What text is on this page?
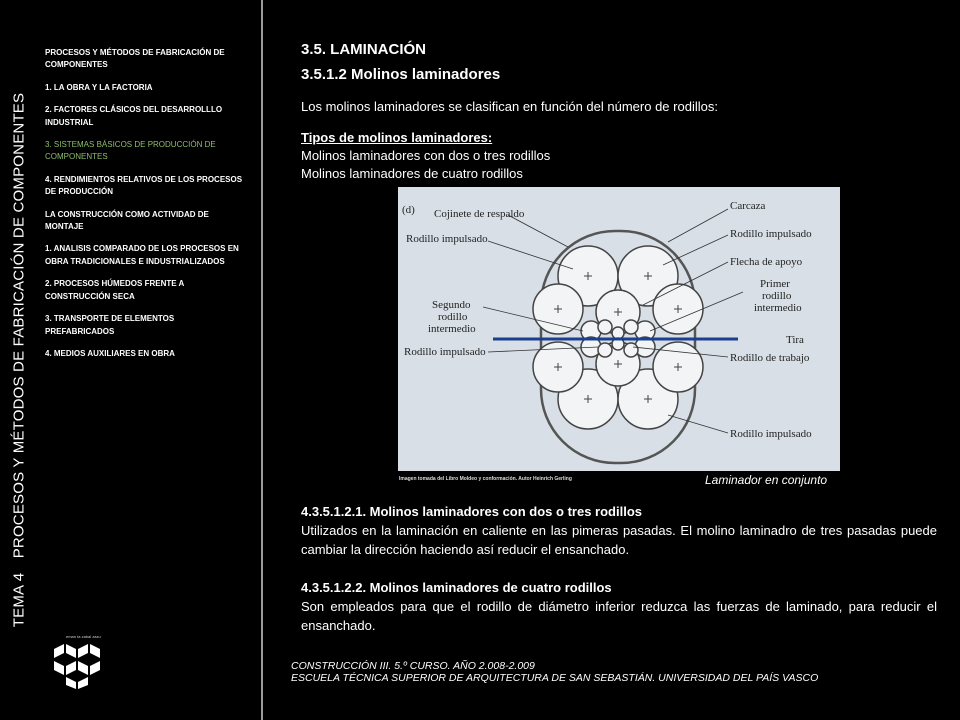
TEMA 4 PROCESOS Y MÉTODOS DE FABRICACIÓN DE COMPONENTES
PROCESOS Y MÉTODOS DE FABRICACIÓN DE COMPONENTES
1. LA OBRA Y LA FACTORIA
2. FACTORES CLÁSICOS DEL DESARROLLLO INDUSTRIAL
3. SISTEMAS BÁSICOS DE PRODUCCIÓN DE COMPONENTES
4. RENDIMIENTOS RELATIVOS DE LOS PROCESOS DE PRODUCCIÓN
LA CONSTRUCCIÓN COMO ACTIVIDAD DE MONTAJE
1. ANALISIS COMPARADO DE LOS PROCESOS EN OBRA TRADICIONALES E INDUSTRIALIZADOS
2. PROCESOS HÚMEDOS FRENTE A CONSTRUCCIÓN SECA
3. TRANSPORTE DE ELEMENTOS PREFABRICADOS
4. MEDIOS AUXILIARES EN OBRA
eman ta zabal zazu
3.5. LAMINACIÓN
3.5.1.2 Molinos laminadores
Los molinos laminadores se clasifican en función del número de rodillos:
Tipos de molinos laminadores:
Molinos laminadores con dos o tres rodillos
Molinos laminadores de cuatro rodillos
(d) Cojinete de respaldo
Rodillo impulsado
Segundo
rodillo
intermedio
Rodillo impulsado
Carcaza
Rodillo impulsado
Flecha de apoyo
Primer
rodillo
intermedio
Tira
Rodillo de trabajo
Rodillo impulsado
Imagen tomada del Libro Moldeo y conformación. Autor Heinrich Gerling	Laminador en conjunto
4.3.5.1.2.1. Molinos laminadores con dos o tres rodillos
Utilizados en la laminación en caliente en las pimeras pasadas. El molino laminadro de tres pasadas puede cambiar la dirección haciendo así reducir el ensanchado.
4.3.5.1.2.2. Molinos laminadores de cuatro rodillos
Son empleados para que el rodillo de diámetro inferior reduzca las fuerzas de laminado, para reducir el ensanchado.
CONSTRUCCIÓN III. 5.º CURSO. AÑO 2.008-2.009
ESCUELA TÉCNICA SUPERIOR DE ARQUITECTURA DE SAN SEBASTIÁN. UNIVERSIDAD DEL PAÍS VASCO
